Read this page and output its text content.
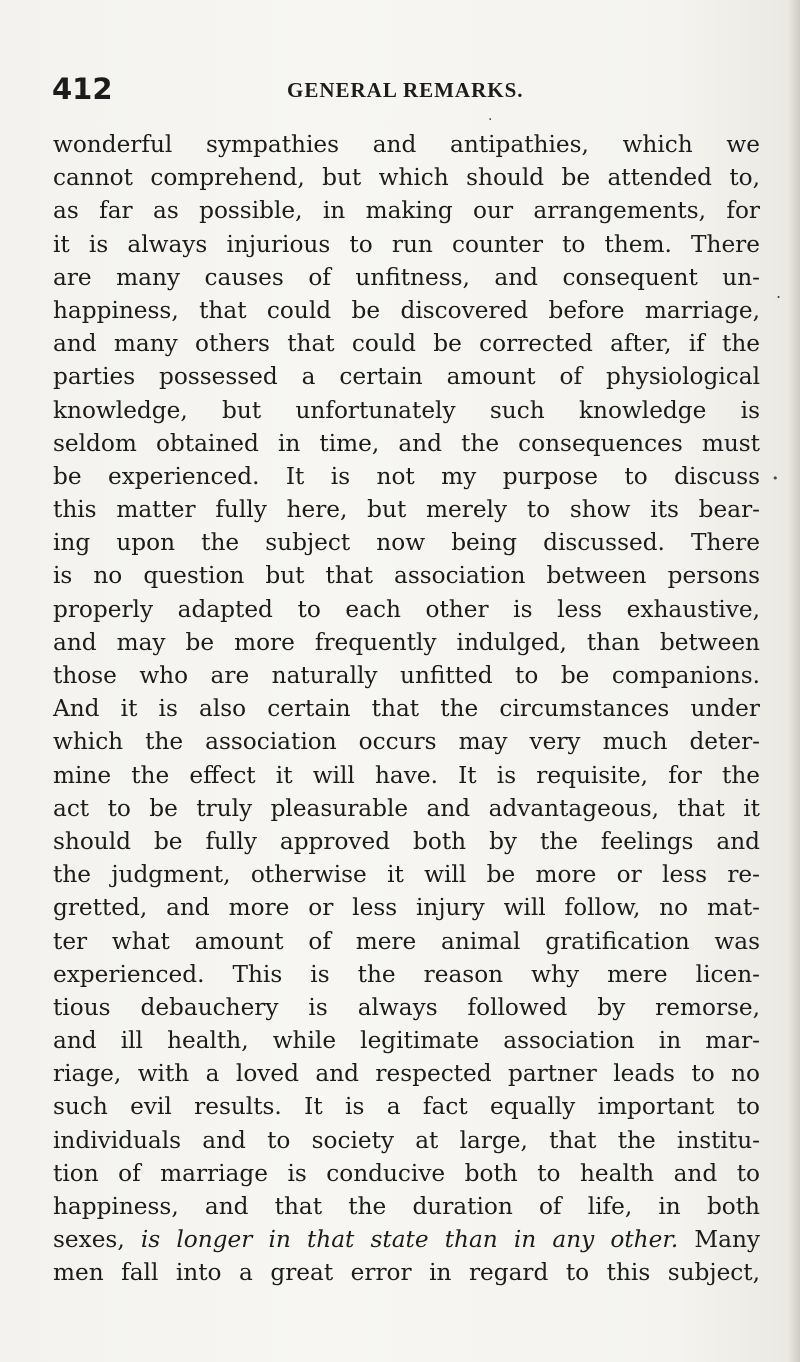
412	GENERAL REMARKS.
·
.
•
wonderful sympathies and antipathies, which we
cannot comprehend, but which should be attended to,
as far as possible, in making our arrangements, for
it is always injurious to run counter to them. There
are many causes of unfitness, and consequent un-
happiness, that could be discovered before marriage,
and many others that could be corrected after, if the
parties possessed a certain amount of physiological
knowledge, but unfortunately such knowledge is
seldom obtained in time, and the consequences must
be experienced. It is not my purpose to discuss
this matter fully here, but merely to show its bear-
ing upon the subject now being discussed. There
is no question but that association between persons
properly adapted to each other is less exhaustive,
and may be more frequently indulged, than between
those who are naturally unfitted to be companions.
And it is also certain that the circumstances under
which the association occurs may very much deter-
mine the effect it will have. It is requisite, for the
act to be truly pleasurable and advantageous, that it
should be fully approved both by the feelings and
the judgment, otherwise it will be more or less re-
gretted, and more or less injury will follow, no mat-
ter what amount of mere animal gratification was
experienced. This is the reason why mere licen-
tious debauchery is always followed by remorse,
and ill health, while legitimate association in mar-
riage, with a loved and respected partner leads to no
such evil results. It is a fact equally important to
individuals and to society at large, that the institu-
tion of marriage is conducive both to health and to
happiness, and that the duration of life, in both
sexes, is longer in that state than in any other. Many
men fall into a great error in regard to this subject,
